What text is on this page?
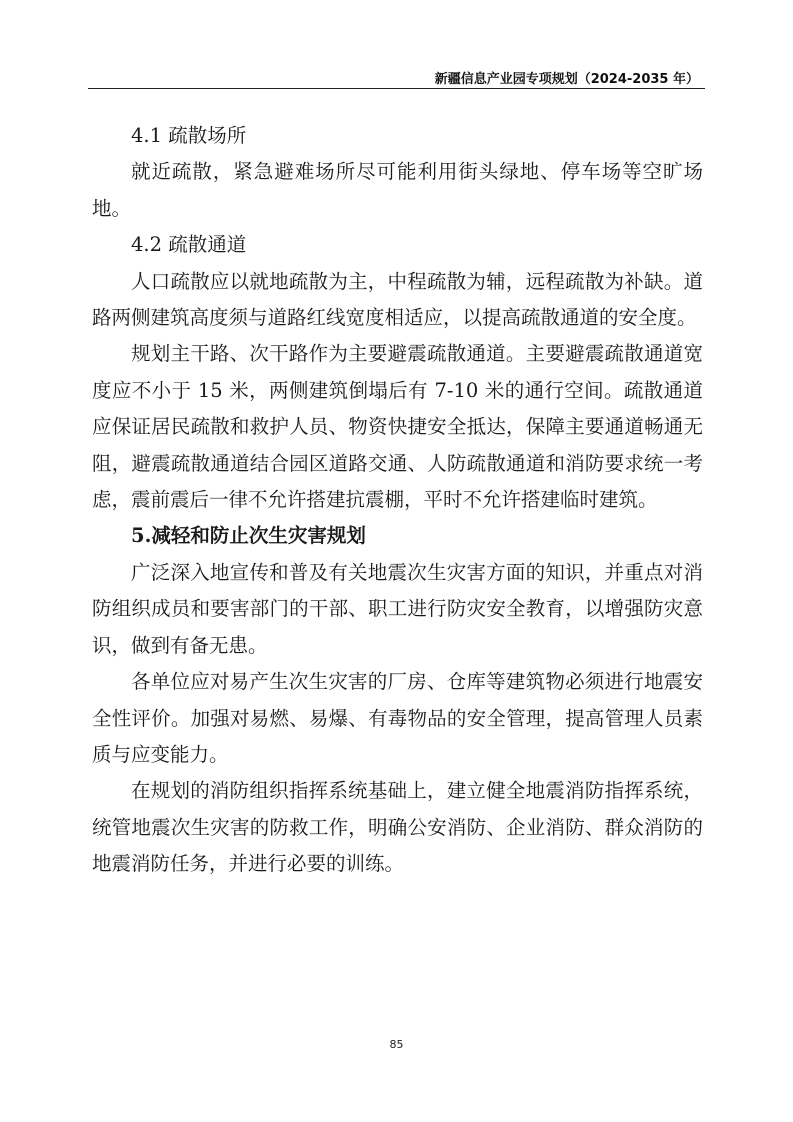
新疆信息产业园专项规划（2024-2035 年）

4.1 疏散场所

就近疏散，紧急避难场所尽可能利用街头绿地、停车场等空旷场地。

4.2 疏散通道

人口疏散应以就地疏散为主，中程疏散为辅，远程疏散为补缺。道路两侧建筑高度须与道路红线宽度相适应，以提高疏散通道的安全度。

规划主干路、次干路作为主要避震疏散通道。主要避震疏散通道宽度应不小于 15 米，两侧建筑倒塌后有 7-10 米的通行空间。疏散通道应保证居民疏散和救护人员、物资快捷安全抵达，保障主要通道畅通无阻，避震疏散通道结合园区道路交通、人防疏散通道和消防要求统一考虑，震前震后一律不允许搭建抗震棚，平时不允许搭建临时建筑。

5.减轻和防止次生灾害规划

广泛深入地宣传和普及有关地震次生灾害方面的知识，并重点对消防组织成员和要害部门的干部、职工进行防灾安全教育，以增强防灾意识，做到有备无患。

各单位应对易产生次生灾害的厂房、仓库等建筑物必须进行地震安全性评价。加强对易燃、易爆、有毒物品的安全管理，提高管理人员素质与应变能力。

在规划的消防组织指挥系统基础上，建立健全地震消防指挥系统，统管地震次生灾害的防救工作，明确公安消防、企业消防、群众消防的地震消防任务，并进行必要的训练。

85
